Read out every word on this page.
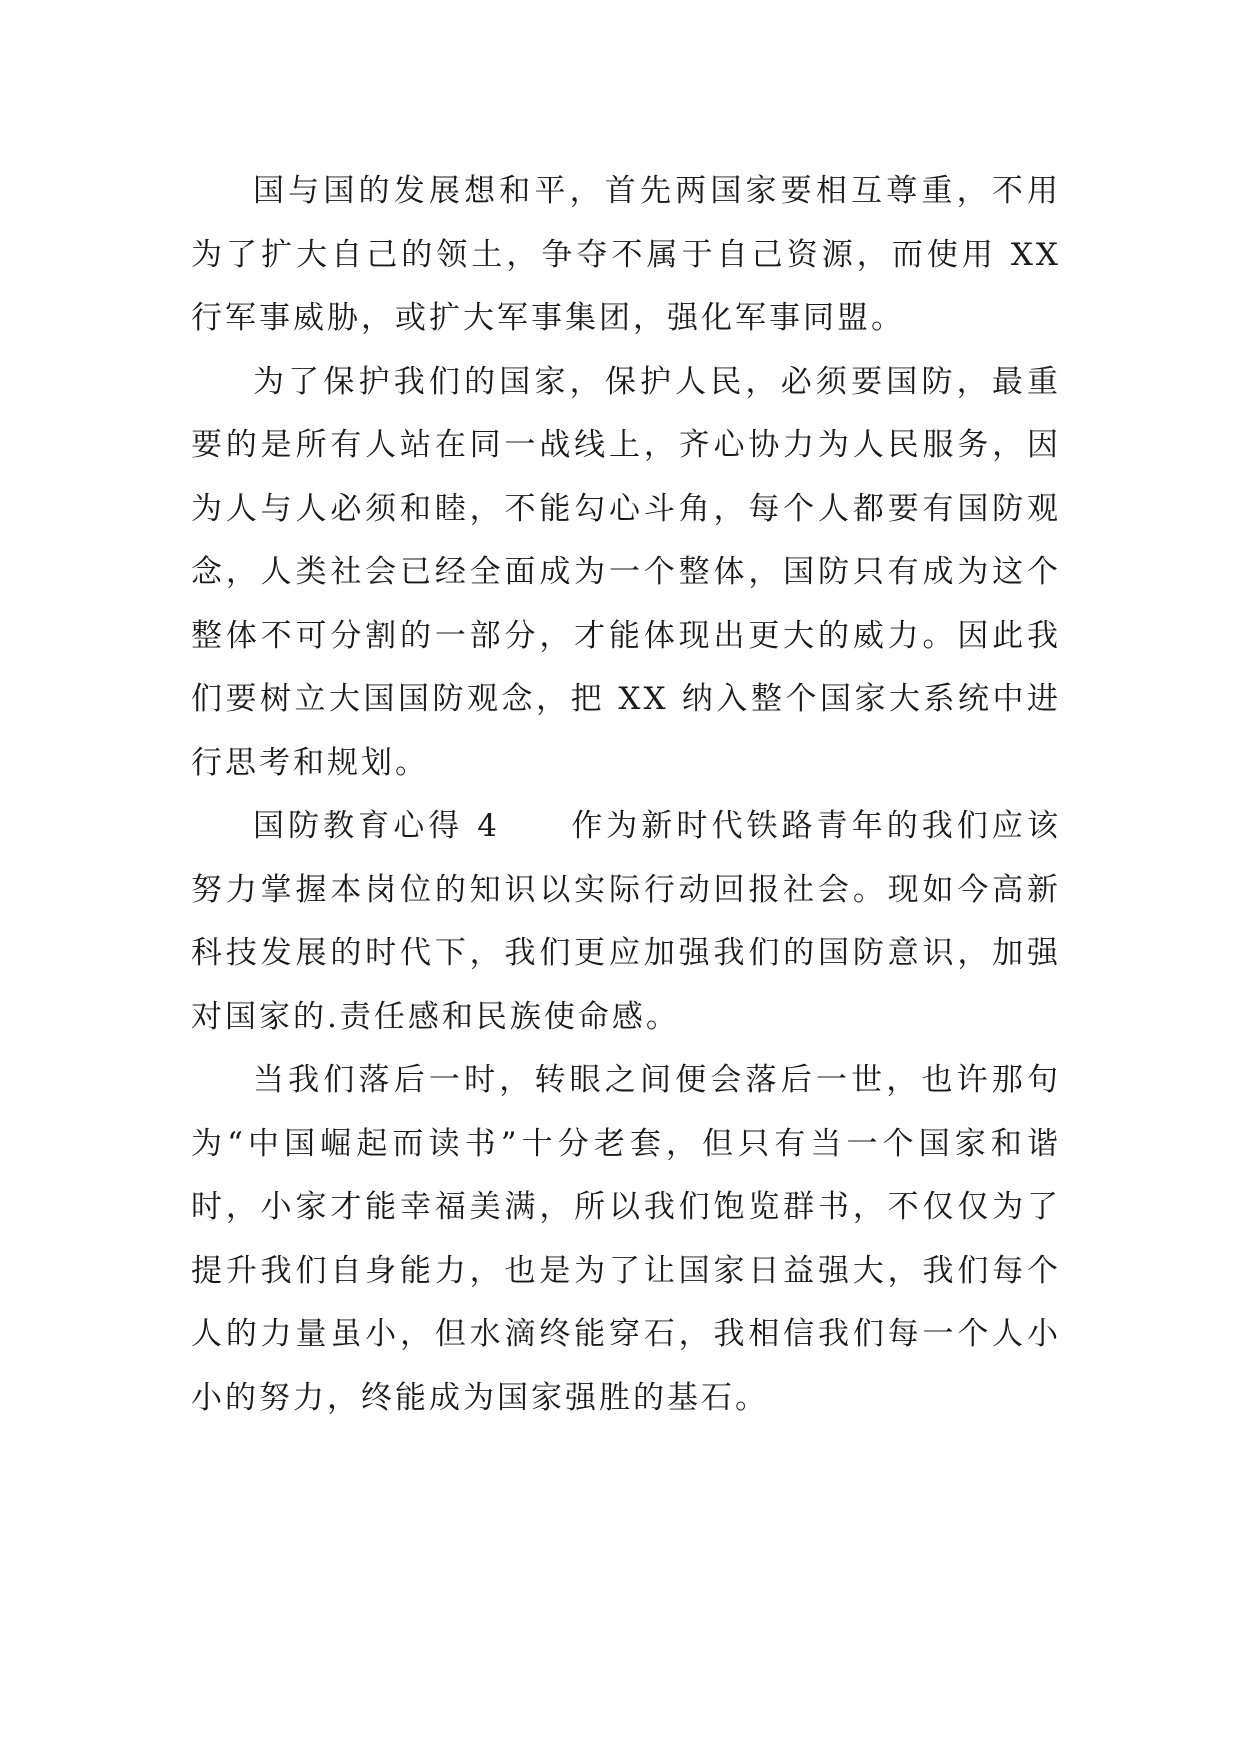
国与国的发展想和平，首先两国家要相互尊重，不用为了扩大自己的领土，争夺不属于自己资源，而使用 XX 行军事威胁，或扩大军事集团，强化军事同盟。

为了保护我们的国家，保护人民，必须要国防，最重要的是所有人站在同一战线上，齐心协力为人民服务，因为人与人必须和睦，不能勾心斗角，每个人都要有国防观念，人类社会已经全面成为一个整体，国防只有成为这个整体不可分割的一部分，才能体现出更大的威力。因此我们要树立大国国防观念，把 XX 纳入整个国家大系统中进行思考和规划。

国防教育心得 4　　作为新时代铁路青年的我们应该努力掌握本岗位的知识以实际行动回报社会。现如今高新科技发展的时代下，我们更应加强我们的国防意识，加强对国家的.责任感和民族使命感。

当我们落后一时，转眼之间便会落后一世，也许那句为“中国崛起而读书”十分老套，但只有当一个国家和谐时，小家才能幸福美满，所以我们饱览群书，不仅仅为了提升我们自身能力，也是为了让国家日益强大，我们每个人的力量虽小，但水滴终能穿石，我相信我们每一个人小小的努力，终能成为国家强胜的基石。
